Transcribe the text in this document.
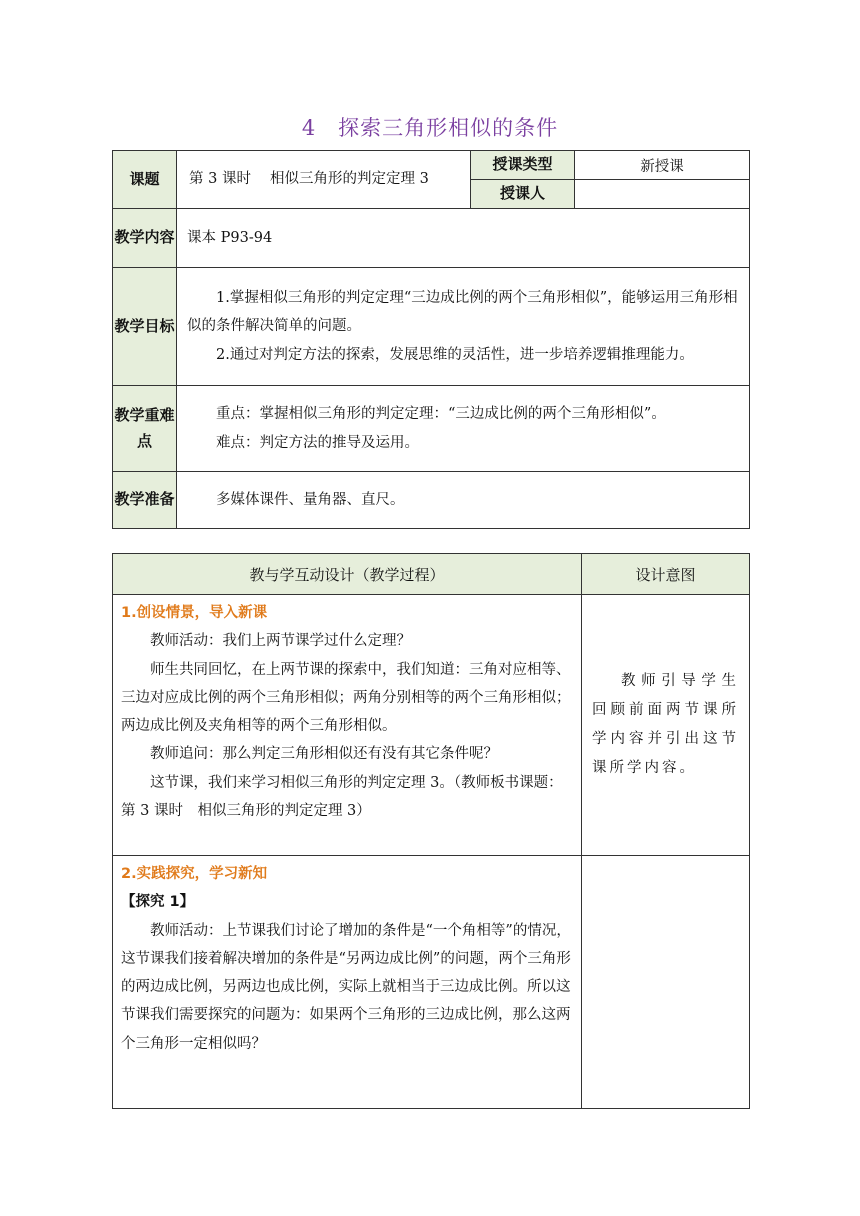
4　探索三角形相似的条件
课题	第 3 课时　 相似三角形的判定定理 3	授课类型	新授课
		授课人	
教学内容	课本 P93-94		
教学目标	1.掌握相似三角形的判定定理“三边成比例的两个三角形相似”，能够运用三角形相似的条件解决简单的问题。
2.通过对判定方法的探索，发展思维的灵活性，进一步培养逻辑推理能力。		

教学重难点	重点：掌握相似三角形的判定定理：“三边成比例的两个三角形相似”。
难点：判定方法的推导及运用。		

教学准备	多媒体课件、量角器、直尺。		
教与学互动设计（教学过程）	设计意图

1.创设情景，导入新课
教师活动：我们上两节课学过什么定理？
师生共同回忆，在上两节课的探索中，我们知道：三角对应相等、三边对应成比例的两个三角形相似；两角分别相等的两个三角形相似；两边成比例及夹角相等的两个三角形相似。
教师追问：那么判定三角形相似还有没有其它条件呢？
这节课，我们来学习相似三角形的判定定理 3。（教师板书课题： 第 3 课时　相似三角形的判定定理 3）	教师引导学生回顾前面两节课所学内容并引出这节课所学内容。

2.实践探究，学习新知
【探究 1】
教师活动：上节课我们讨论了增加的条件是“一个角相等”的情况，这节课我们接着解决增加的条件是“另两边成比例”的问题，两个三角形的两边成比例，另两边也成比例，实际上就相当于三边成比例。所以这节课我们需要探究的问题为：如果两个三角形的三边成比例，那么这两个三角形一定相似吗？	
